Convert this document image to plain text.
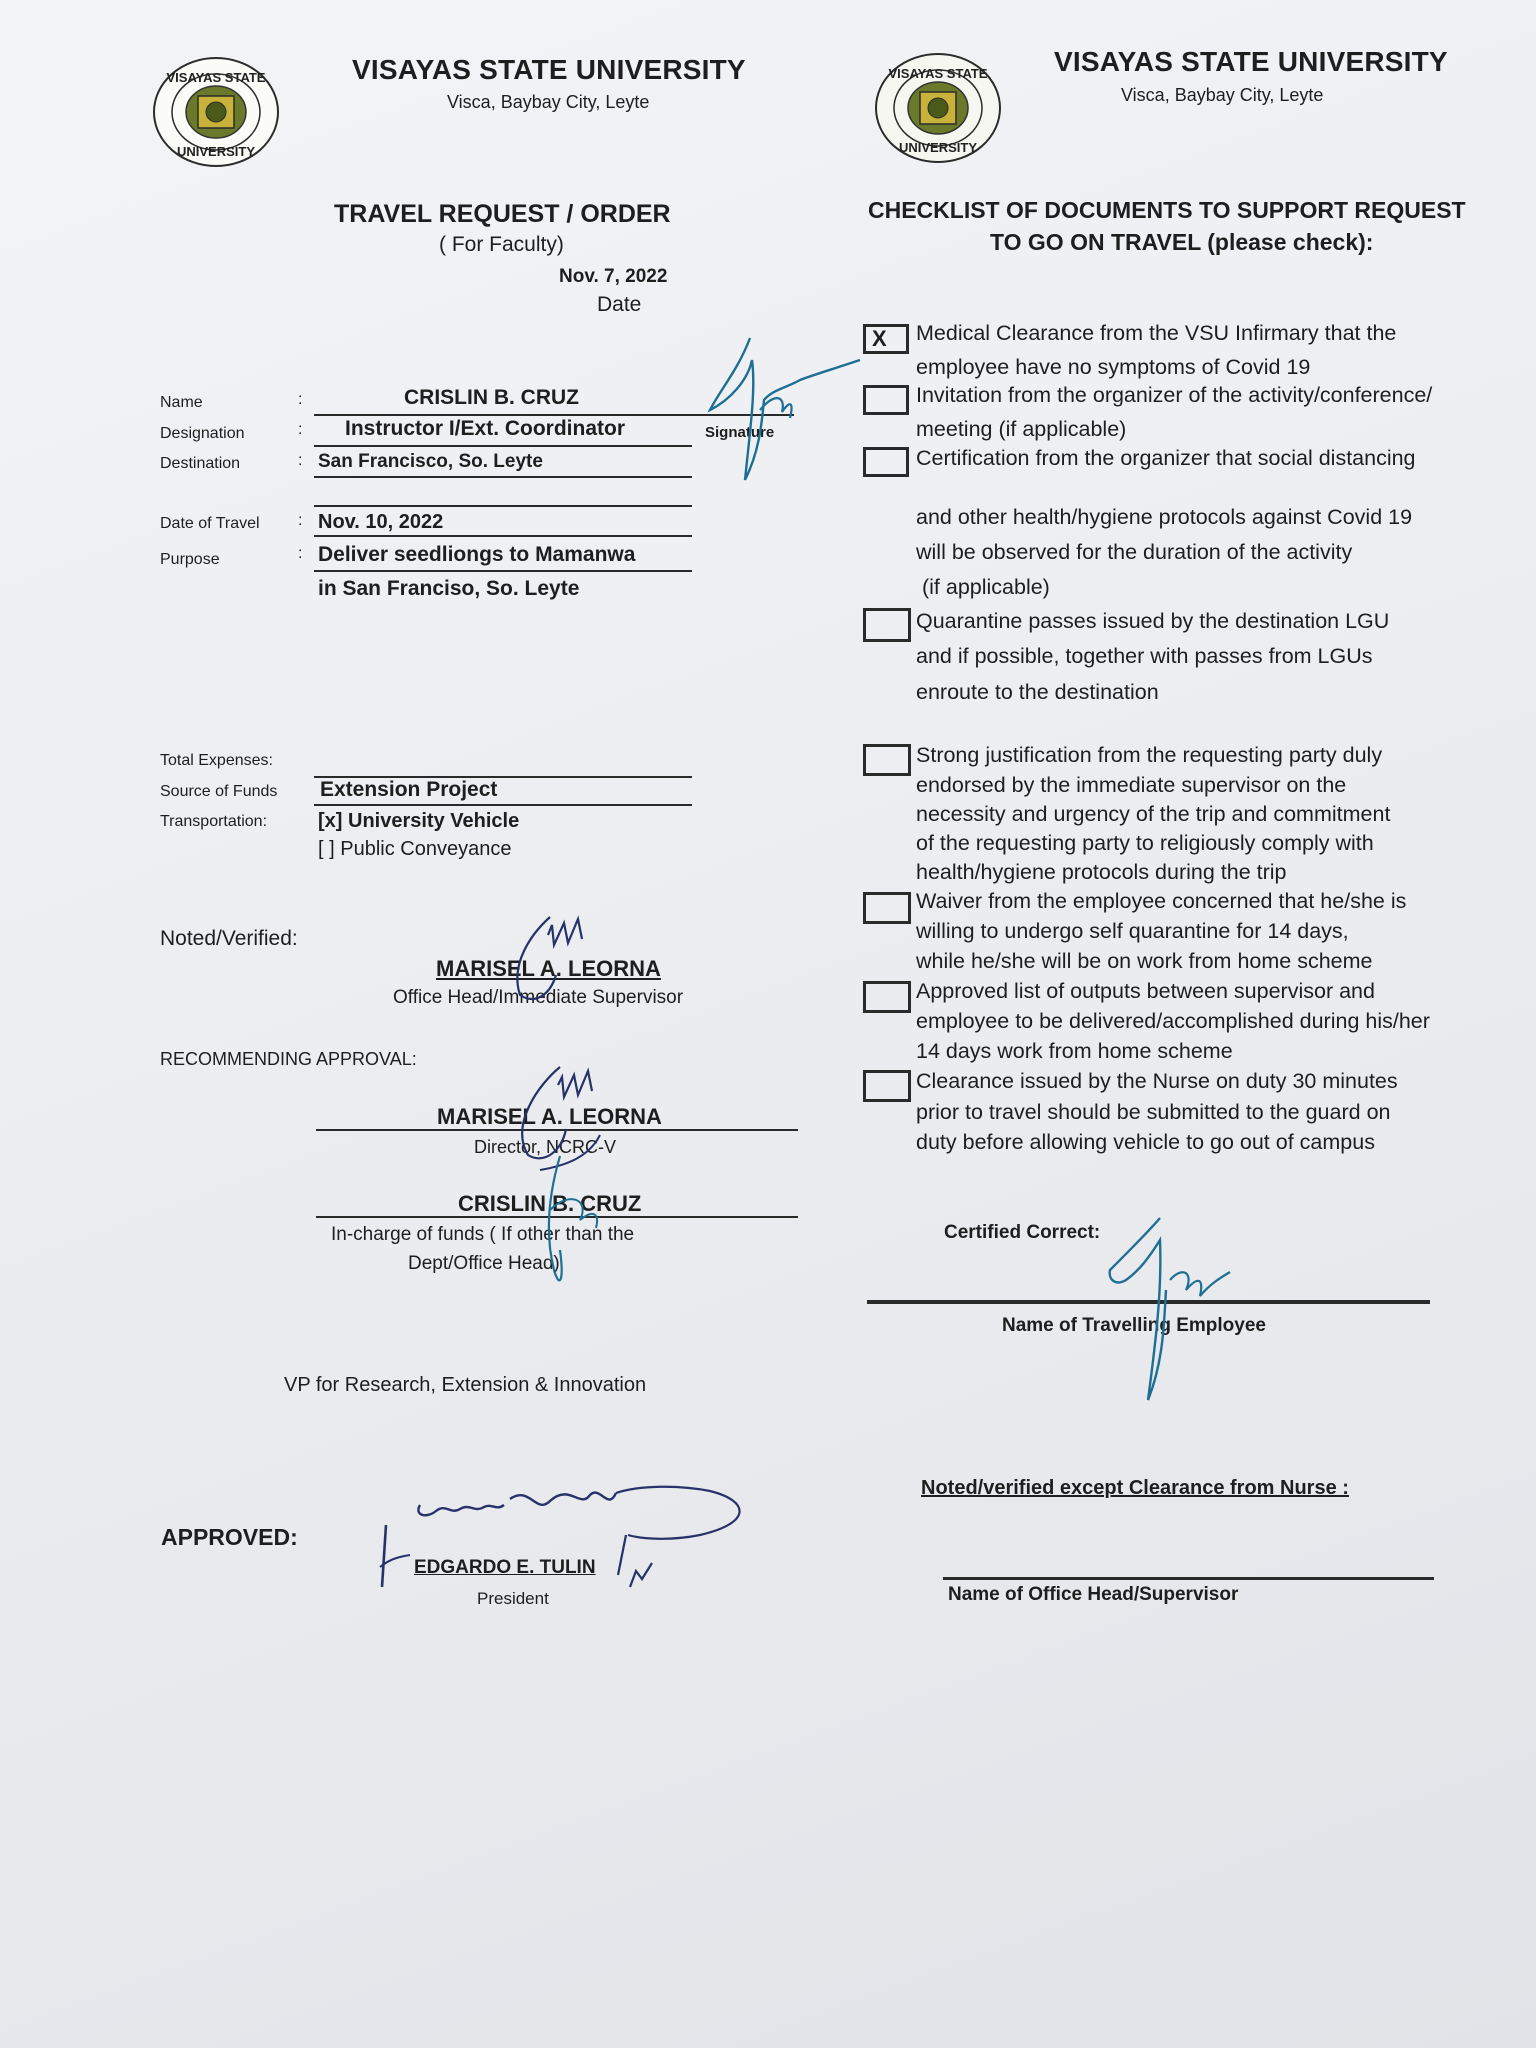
VISAYAS STATE
UNIVERSITY
VISAYAS STATE UNIVERSITY
Visca, Baybay City, Leyte
TRAVEL REQUEST / ORDER
( For Faculty)
Nov. 7, 2022
Date
Name	:	CRISLIN B. CRUZ
Designation	: Instructor I/Ext. Coordinator	Signature
Destination	: San Francisco, So. Leyte
Date of Travel : Nov. 10, 2022
Purpose	: Deliver seedliongs to Mamanwa
in San Franciso, So. Leyte
Total Expenses:
Source of Funds Extension Project
Transportation:	[x] University Vehicle
[ ] Public Conveyance
Noted/Verified:
MARISEL A. LEORNA
Office Head/Immediate Supervisor
RECOMMENDING APPROVAL:
MARISEL A. LEORNA
Director, NCRC-V
CRISLIN B. CRUZ
In-charge of funds ( If other than the
Dept/Office Head)
VP for Research, Extension & Innovation
APPROVED:
EDGARDO E. TULIN
President
VISAYAS STATE
UNIVERSITY
VISAYAS STATE UNIVERSITY
Visca, Baybay City, Leyte
CHECKLIST OF DOCUMENTS TO SUPPORT REQUEST
TO GO ON TRAVEL (please check):
X	Medical Clearance from the VSU Infirmary that the
employee have no symptoms of Covid 19
Invitation from the organizer of the activity/conference/
meeting (if applicable)
Certification from the organizer that social distancing
and other health/hygiene protocols against Covid 19
will be observed for the duration of the activity
(if applicable)
Quarantine passes issued by the destination LGU
and if possible, together with passes from LGUs
enroute to the destination
Strong justification from the requesting party duly
endorsed by the immediate supervisor on the
necessity and urgency of the trip and commitment
of the requesting party to religiously comply with
health/hygiene protocols during the trip
Waiver from the employee concerned that he/she is
willing to undergo self quarantine for 14 days,
while he/she will be on work from home scheme
Approved list of outputs between supervisor and
employee to be delivered/accomplished during his/her
14 days work from home scheme
Clearance issued by the Nurse on duty 30 minutes
prior to travel should be submitted to the guard on
duty before allowing vehicle to go out of campus
Certified Correct:
Name of Travelling Employee
Noted/verified except Clearance from Nurse :
Name of Office Head/Supervisor
